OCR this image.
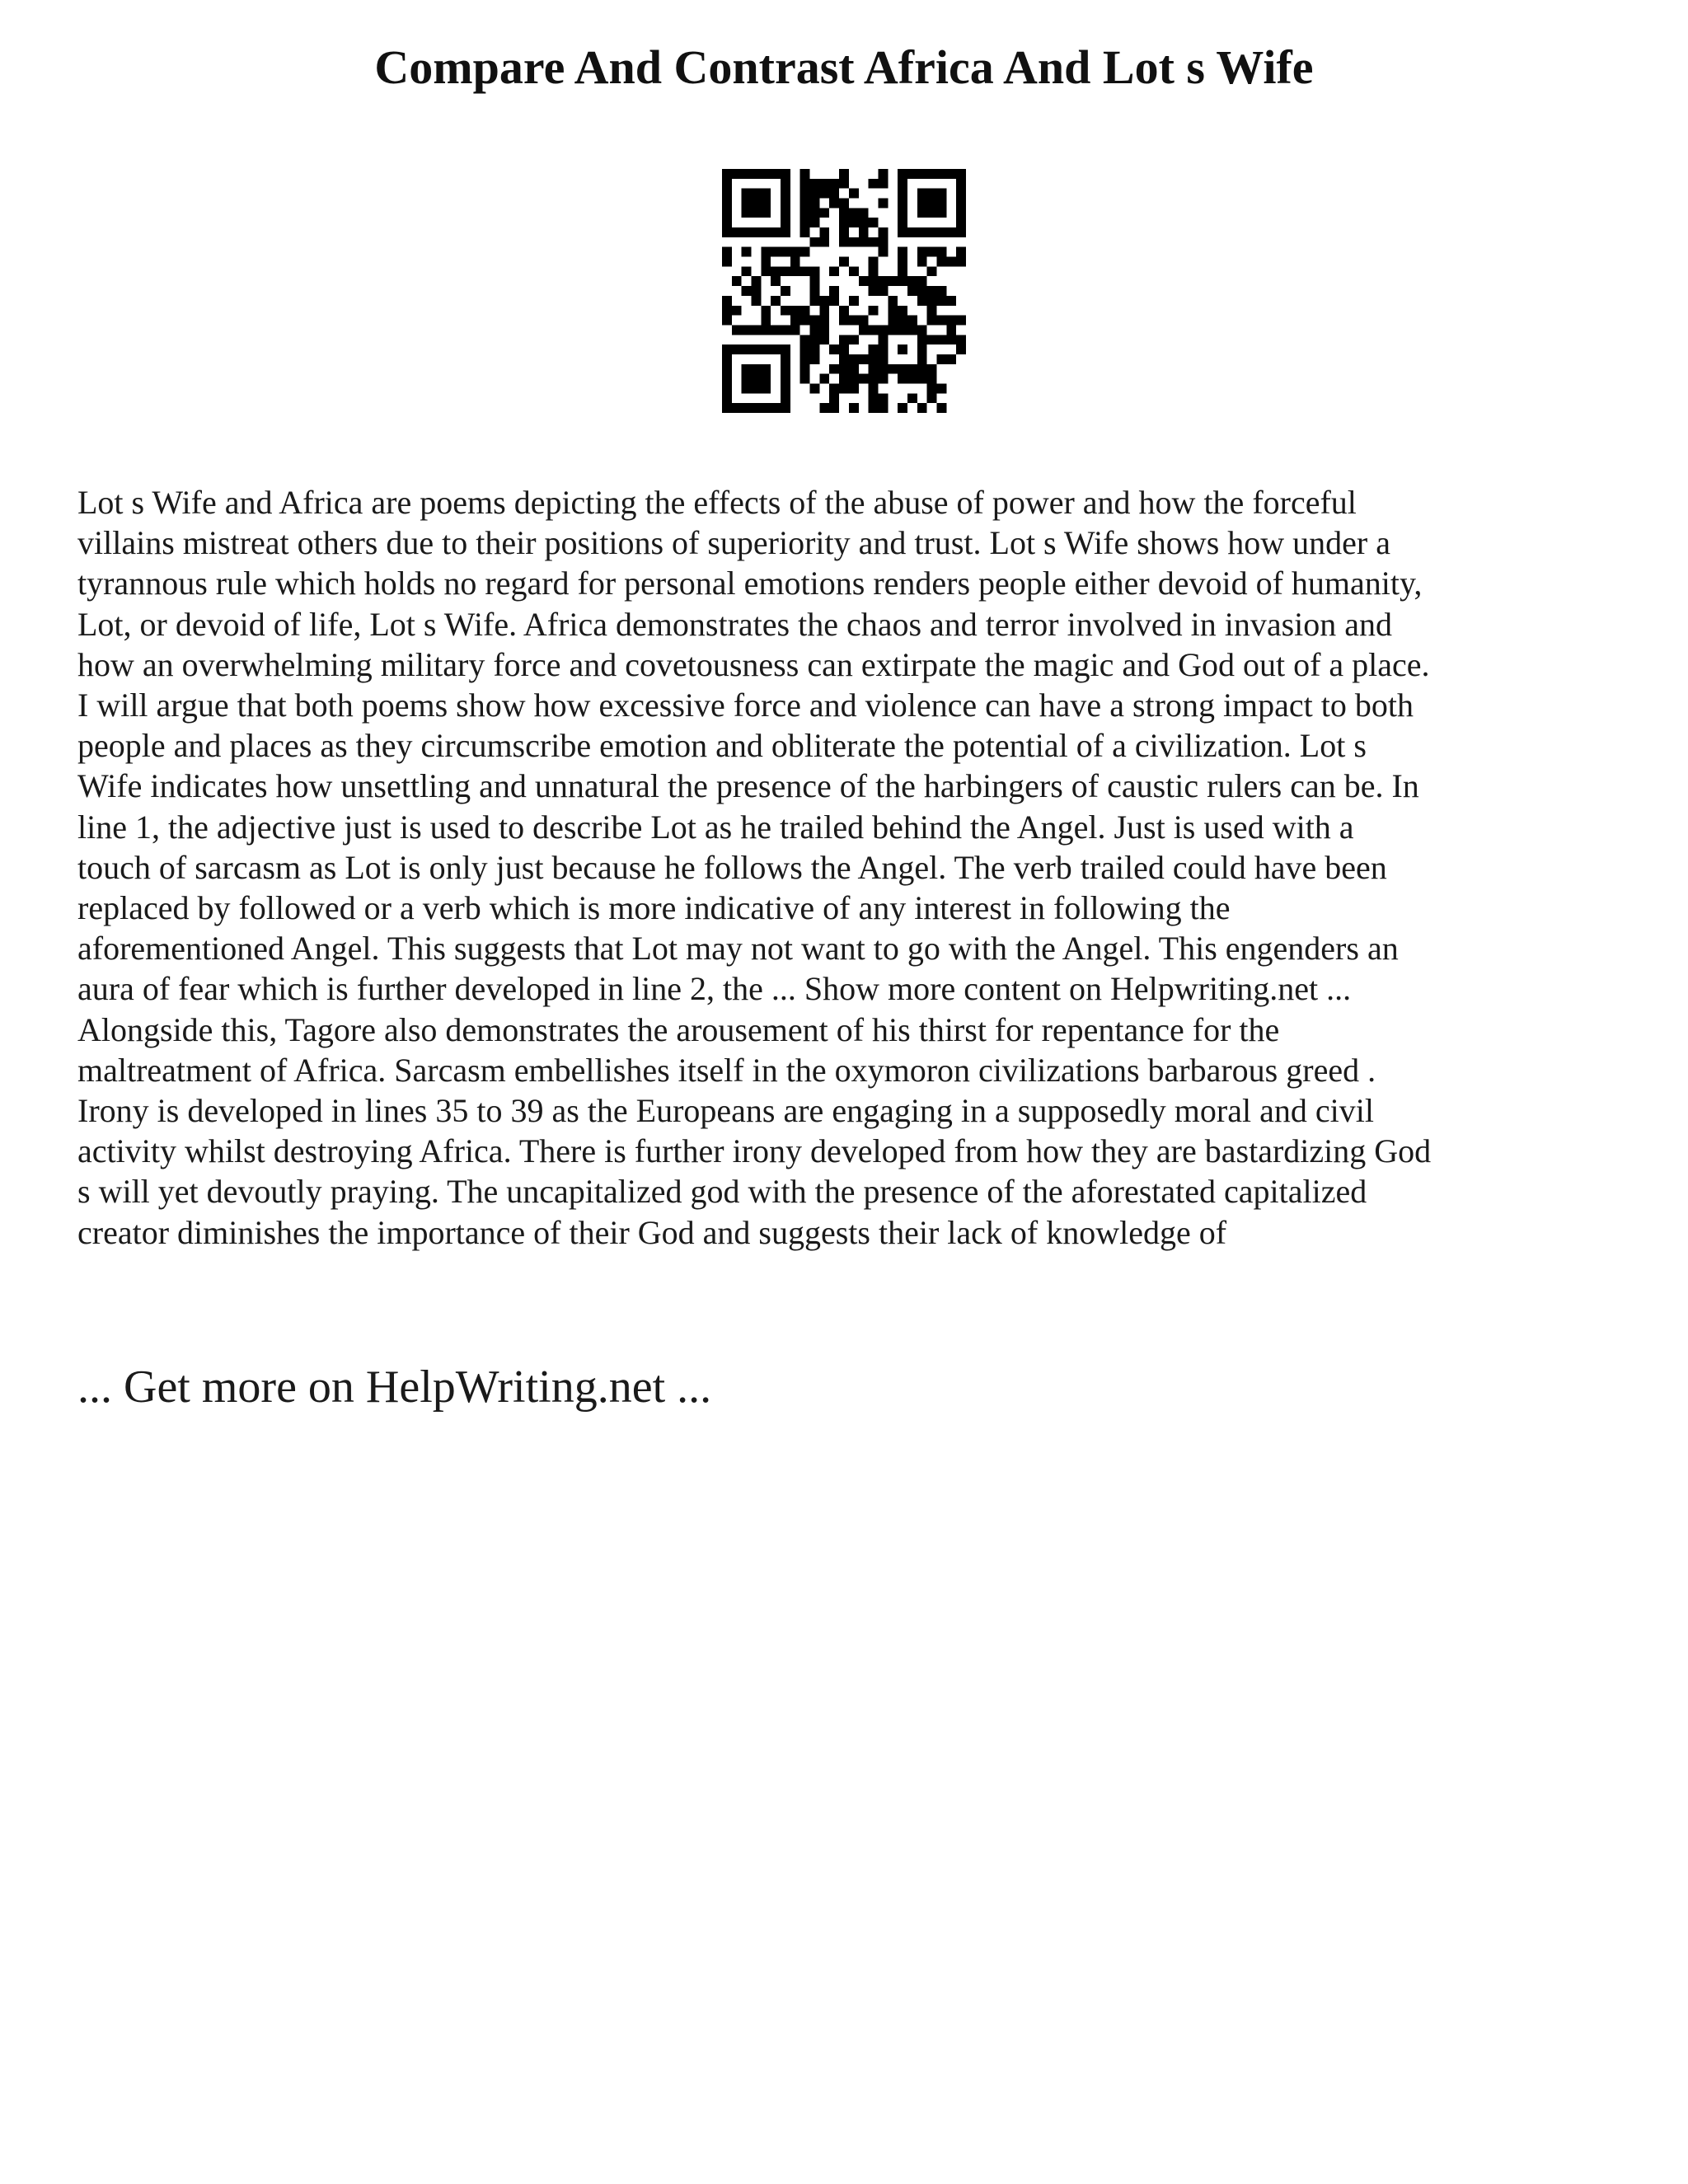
Compare And Contrast Africa And Lot s Wife
Lot s Wife and Africa are poems depicting the effects of the abuse of power and how the forceful
villains mistreat others due to their positions of superiority and trust. Lot s Wife shows how under a
tyrannous rule which holds no regard for personal emotions renders people either devoid of humanity,
Lot, or devoid of life, Lot s Wife. Africa demonstrates the chaos and terror involved in invasion and
how an overwhelming military force and covetousness can extirpate the magic and God out of a place.
I will argue that both poems show how excessive force and violence can have a strong impact to both
people and places as they circumscribe emotion and obliterate the potential of a civilization. Lot s
Wife indicates how unsettling and unnatural the presence of the harbingers of caustic rulers can be. In
line 1, the adjective just is used to describe Lot as he trailed behind the Angel. Just is used with a
touch of sarcasm as Lot is only just because he follows the Angel. The verb trailed could have been
replaced by followed or a verb which is more indicative of any interest in following the
aforementioned Angel. This suggests that Lot may not want to go with the Angel. This engenders an
aura of fear which is further developed in line 2, the ... Show more content on Helpwriting.net ...
Alongside this, Tagore also demonstrates the arousement of his thirst for repentance for the
maltreatment of Africa. Sarcasm embellishes itself in the oxymoron civilizations barbarous greed .
Irony is developed in lines 35 to 39 as the Europeans are engaging in a supposedly moral and civil
activity whilst destroying Africa. There is further irony developed from how they are bastardizing God
s will yet devoutly praying. The uncapitalized god with the presence of the aforestated capitalized
creator diminishes the importance of their God and suggests their lack of knowledge of

... Get more on HelpWriting.net ...
